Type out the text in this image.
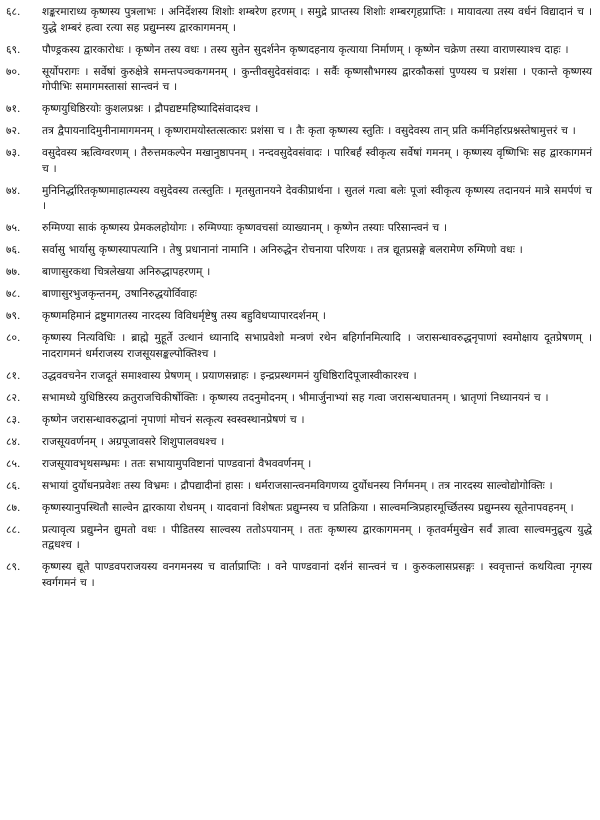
६८.	शङ्करमाराध्य कृष्णस्य पुत्रलाभः । अनिर्देशस्य शिशोः शम्बरेण हरणम् । समुद्रे प्राप्तस्य शिशोः शम्बरगृहप्राप्तिः । मायावत्या तस्य वर्धनं विद्यादानं च । युद्धे शम्बरं हत्वा रत्या सह प्रद्युम्नस्य द्वारकागमनम् ।
६९.	पौण्ड्रकस्य द्वारकारोधः । कृष्णेन तस्य वधः । तस्य सुतेन सुदर्शनेन कृष्णदहनाय कृत्याया निर्माणम् । कृष्णेन चक्रेण तस्या वाराणस्याश्च दाहः ।
७०.	सूर्योपरागः । सर्वेषां कुरुक्षेत्रे समन्तपञ्चकगमनम् । कुन्तीवसुदेवसंवादः । सर्वैः कृष्णसौभगस्य द्वारकौकसां पुण्यस्य च प्रशंसा । एकान्ते कृष्णस्य गोपीभिः समागमस्तासां सान्त्वनं च ।
७१.	कृष्णयुधिष्ठिरयोः कुशलप्रश्नः । द्रौपद्यष्टमहिष्यादिसंवादश्च ।
७२.	तत्र द्वैपायनादिमुनीनामागमनम् । कृष्णरामयोस्तत्सत्कारः प्रशंसा च । तैः कृता कृष्णस्य स्तुतिः । वसुदेवस्य तान् प्रति कर्मनिर्हारप्रश्नस्तेषामुत्तरं च ।
७३.	वसुदेवस्य ऋत्विग्वरणम् । तैरुत्तमकल्पेन मखानुष्ठापनम् । नन्दवसुदेवसंवादः । पारिबर्हं स्वीकृत्य सर्वेषां गमनम् । कृष्णस्य वृष्णिभिः सह द्वारकागमनं च ।
७४.	मुनिनिर्द्धारितकृष्णमाहात्म्यस्य वसुदेवस्य तत्स्तुतिः । मृतसुतानयने देवकीप्रार्थना । सुतलं गत्वा बलेः पूजां स्वीकृत्य कृष्णस्य तदानयनं मात्रे समर्पणं च ।
७५.	रुग्मिण्या साकं कृष्णस्य प्रेमकलहोयोगः । रुग्मिण्याः कृष्णवचसां व्याख्यानम् । कृष्णेन तस्याः परिसान्त्वनं च ।
७६.	सर्वासु भार्यासु कृष्णस्यापत्यानि । तेषु प्रधानानां नामानि । अनिरुद्धेन रोचनाया परिणयः । तत्र द्यूतप्रसङ्गे बलरामेण रुग्मिणो वधः ।
७७.	बाणासुरकथा चित्रलेखया अनिरुद्धापहरणम् ।
७८.	बाणासुरभुजकृन्तनम्, उषानिरुद्धयोर्विवाहः
७९.	कृष्णमहिमानं द्रष्टुमागतस्य नारदस्य विविधर्मृष्टेषु तस्य बहुविधप्यापारदर्शनम् ।
८०.	कृष्णस्य नित्यविधिः । ब्राह्मे मुहूर्ते उत्थानं ध्यानादि सभाप्रवेशो मन्त्रणं रथेन बहिर्गानमित्यादि । जरासन्धावरुद्धनृपाणां स्वमोक्षाय दूतप्रेषणम् । नादरागमनं धर्मराजस्य राजसूयसङ्कल्पोक्तिश्च ।
८१.	उद्धववचनेन राजदूतं समाश्वास्य प्रेषणम् । प्रयाणसन्नाहः । इन्द्रप्रस्थगमनं युधिष्ठिरादिपूजास्वीकारश्च ।
८२.	सभामध्ये युधिष्ठिरस्य क्रतुराजचिकीर्षोक्तिः । कृष्णस्य तदनुमोदनम् । भीमार्जुनाभ्यां सह गत्वा जरासन्धघातनम् । भ्रातृणां निध्यानयनं च ।
८३.	कृष्णेन जरासन्धावरुद्धानां नृपाणां मोचनं सत्कृत्य स्वस्वस्थानप्रेषणं च ।
८४.	राजसूयवर्णनम् । अग्रपूजावसरे शिशुपालवधश्च ।
८५.	राजसूयावभृथसम्भ्रमः । ततः सभायामुपविष्टानां पाण्डवानां वैभववर्णनम् ।
८६.	सभायां दुर्योधनप्रवेशः तस्य विभ्रमः । द्रौपद्यादीनां हासः । धर्मराजसान्त्वनमविगणय्य दुर्योधनस्य निर्गमनम् । तत्र नारदस्य साल्वोद्योगोक्तिः ।
८७.	कृष्णस्यानुपस्थितौ साल्वेन द्वारकाया रोधनम् । यादवानां विशेषतः प्रद्युम्नस्य च प्रतिक्रिया । साल्वमन्त्रिप्रहारमूर्च्छितस्य प्रद्युम्नस्य सूतेनापवहनम् ।
८८.	प्रत्यावृत्य प्रद्युम्नेन द्युमतो वधः । पीडितस्य साल्वस्य ततोऽपयानम् । ततः कृष्णस्य द्वारकागमनम् । कृतवर्ममुखेन सर्वं ज्ञात्वा साल्वमनुद्रुत्य युद्धे तद्वधश्च ।
८९.	कृष्णस्य द्यूते पाण्डवपराजयस्य वनगमनस्य च वार्ताप्राप्तिः । वने पाण्डवानां दर्शनं सान्त्वनं च । कुरुकलासप्रसङ्गः । स्ववृत्तान्तं कथयित्वा नृगस्य स्वर्गगमनं च ।
